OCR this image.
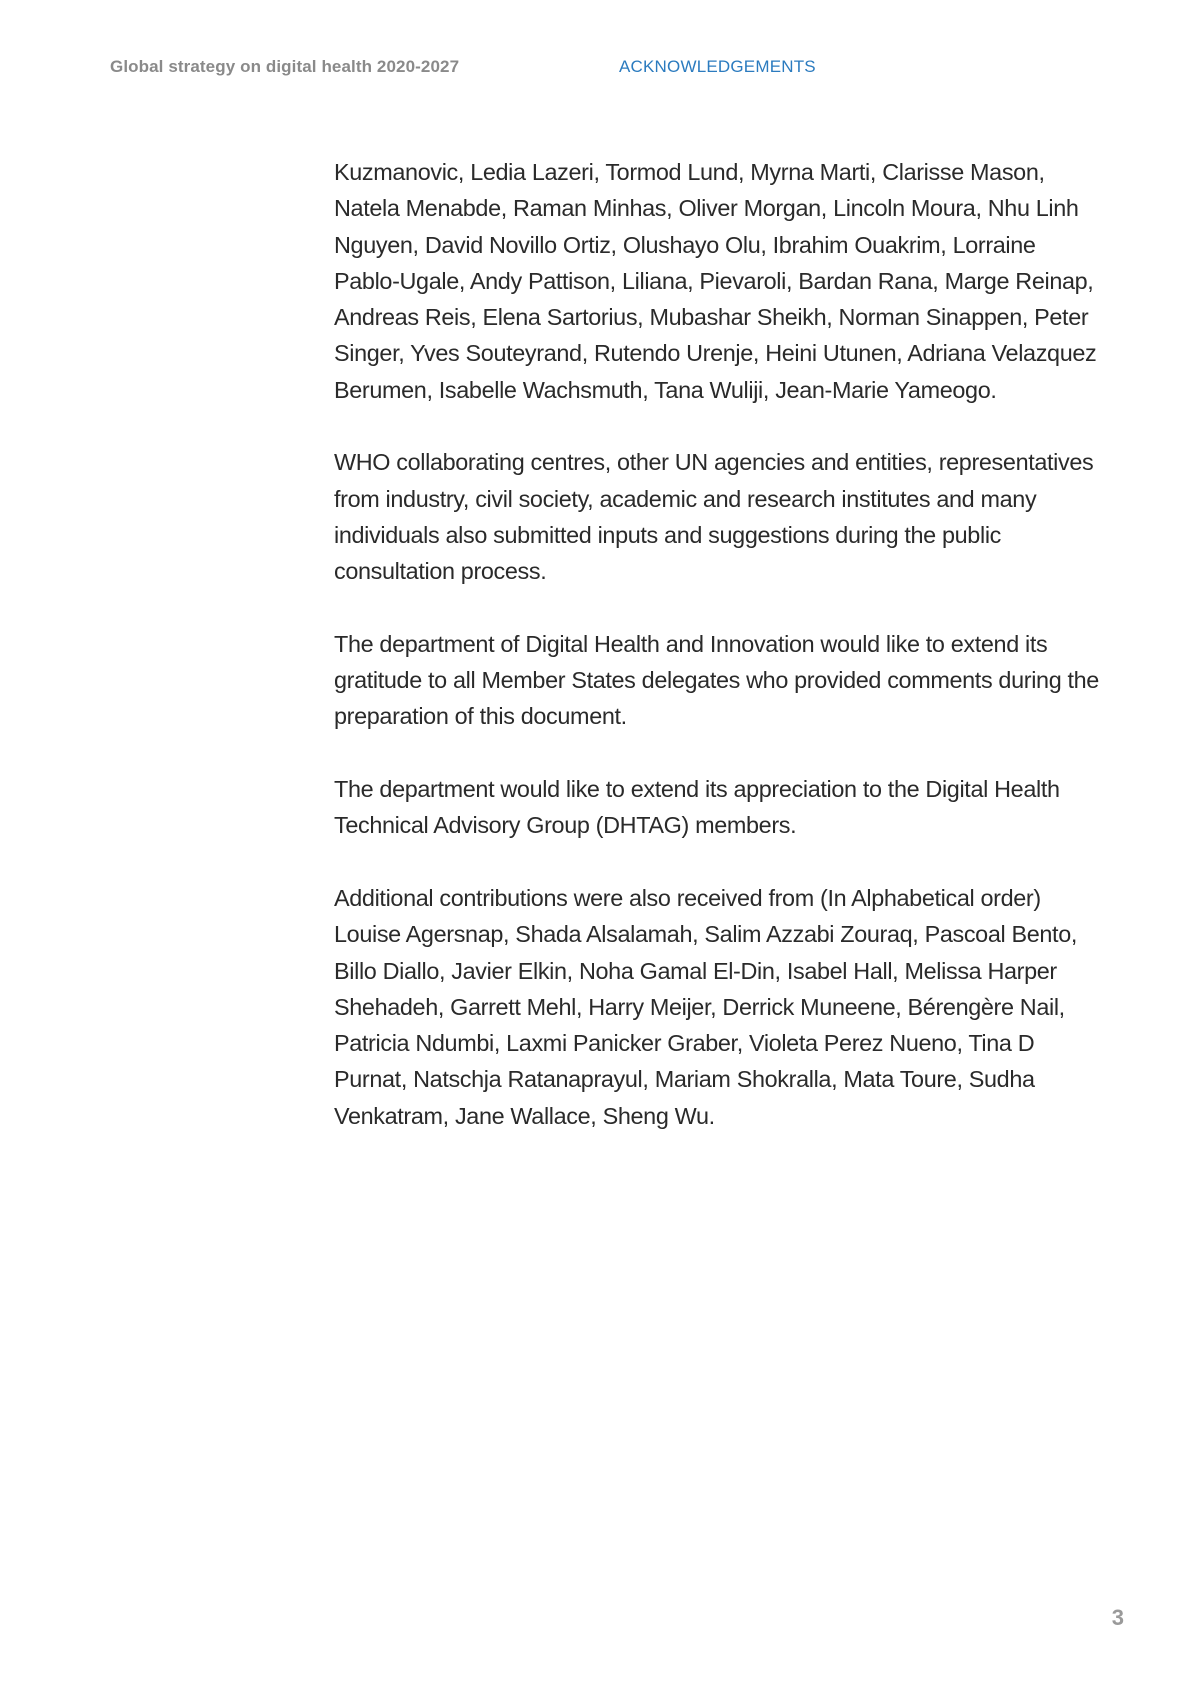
Global strategy on digital health 2020-2027	ACKNOWLEDGEMENTS

Kuzmanovic, Ledia Lazeri, Tormod Lund, Myrna Marti, Clarisse Mason, Natela Menabde, Raman Minhas, Oliver Morgan, Lincoln Moura, Nhu Linh Nguyen, David Novillo Ortiz, Olushayo Olu, Ibrahim Ouakrim, Lorraine Pablo-Ugale, Andy Pattison, Liliana, Pievaroli, Bardan Rana, Marge Reinap, Andreas Reis, Elena Sartorius, Mubashar Sheikh, Norman Sinappen, Peter Singer, Yves Souteyrand, Rutendo Urenje, Heini Utunen, Adriana Velazquez Berumen, Isabelle Wachsmuth, Tana Wuliji, Jean-Marie Yameogo.

WHO collaborating centres, other UN agencies and entities, representatives from industry, civil society, academic and research institutes and many individuals also submitted inputs and suggestions during the public consultation process.

The department of Digital Health and Innovation would like to extend its gratitude to all Member States delegates who provided comments during the preparation of this document.

The department would like to extend its appreciation to the Digital Health Technical Advisory Group (DHTAG) members.

Additional contributions were also received from (In Alphabetical order) Louise Agersnap, Shada Alsalamah, Salim Azzabi Zouraq, Pascoal Bento, Billo Diallo, Javier Elkin, Noha Gamal El-Din, Isabel Hall, Melissa Harper Shehadeh, Garrett Mehl, Harry Meijer, Derrick Muneene, Bérengère Nail, Patricia Ndumbi, Laxmi Panicker Graber, Violeta Perez Nueno, Tina D Purnat, Natschja Ratanaprayul, Mariam Shokralla, Mata Toure, Sudha Venkatram, Jane Wallace, Sheng Wu.

3
